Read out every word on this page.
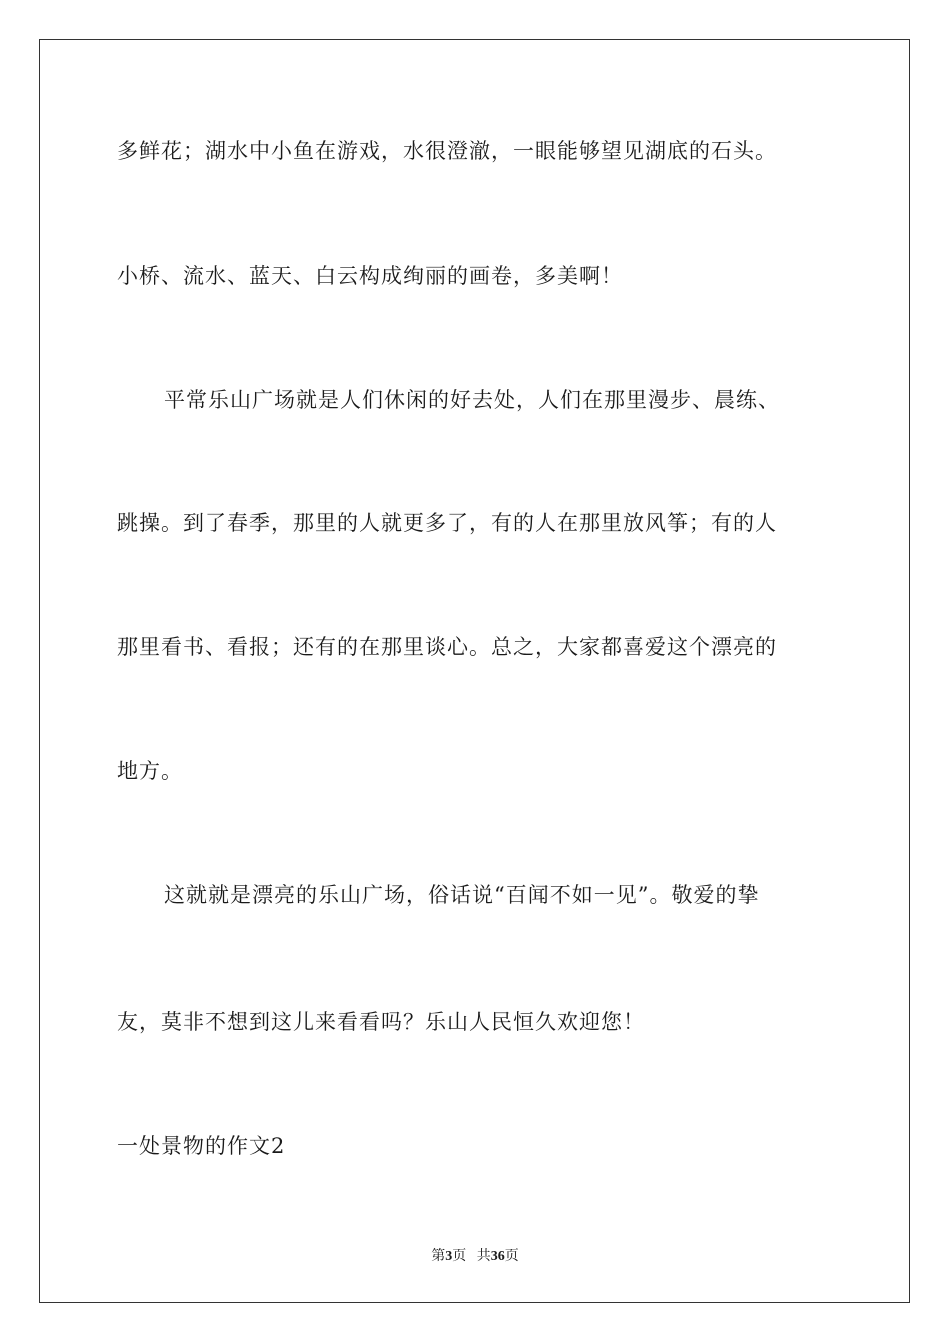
多鲜花；湖水中小鱼在游戏，水很澄澈，一眼能够望见湖底的石头。
小桥、流水、蓝天、白云构成绚丽的画卷，多美啊！
平常乐山广场就是人们休闲的好去处，人们在那里漫步、晨练、
跳操。到了春季，那里的人就更多了，有的人在那里放风筝；有的人
那里看书、看报；还有的在那里谈心。总之，大家都喜爱这个漂亮的
地方。
这就就是漂亮的乐山广场，俗话说“百闻不如一见”。敬爱的挚
友，莫非不想到这儿来看看吗？乐山人民恒久欢迎您！
一处景物的作文2
第3页 共36页
